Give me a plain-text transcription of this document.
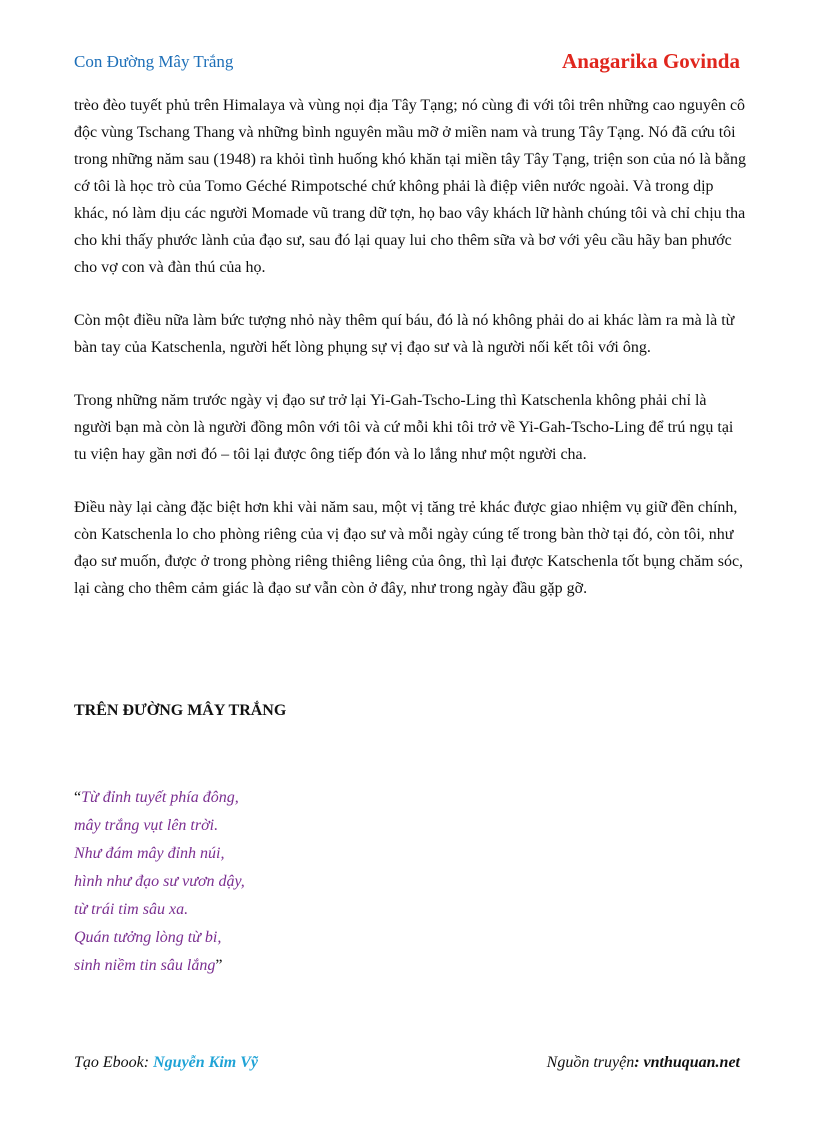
Con Đường Mây Trắng	Anagarika Govinda

trèo đèo tuyết phủ trên Himalaya và vùng nọi địa Tây Tạng; nó cùng đi với tôi trên những cao nguyên cô độc vùng Tschang Thang và những bình nguyên mầu mỡ ở miền nam và trung Tây Tạng. Nó đã cứu tôi trong những năm sau (1948) ra khỏi tình huống khó khăn tại miền tây Tây Tạng, triện son của nó là bằng cớ tôi là học trò của Tomo Géché Rimpotsché chứ không phải là điệp viên nước ngoài. Và trong dịp khác, nó làm dịu các người Momade vũ trang dữ tợn, họ bao vây khách lữ hành chúng tôi và chỉ chịu tha cho khi thấy phước lành của đạo sư, sau đó lại quay lui cho thêm sữa và bơ với yêu cầu hãy ban phước cho vợ con và đàn thú của họ.

Còn một điều nữa làm bức tượng nhỏ này thêm quí báu, đó là nó không phải do ai khác làm ra mà là từ bàn tay của Katschenla, người hết lòng phụng sự vị đạo sư và là người nối kết tôi với ông.

Trong những năm trước ngày vị đạo sư trở lại Yi-Gah-Tscho-Ling thì Katschenla không phải chỉ là người bạn mà còn là người đồng môn với tôi và cứ mỗi khi tôi trở về Yi-Gah-Tscho-Ling để trú ngụ tại tu viện hay gần nơi đó – tôi lại được ông tiếp đón và lo lắng như một người cha.

Điều này lại càng đặc biệt hơn khi vài năm sau, một vị tăng trẻ khác được giao nhiệm vụ giữ đền chính, còn Katschenla lo cho phòng riêng của vị đạo sư và mỗi ngày cúng tế trong bàn thờ tại đó, còn tôi, như đạo sư muốn, được ở trong phòng riêng thiêng liêng của ông, thì lại được Katschenla tốt bụng chăm sóc, lại càng cho thêm cảm giác là đạo sư vẫn còn ở đây, như trong ngày đầu gặp gỡ.

TRÊN ĐƯỜNG MÂY TRẮNG
“Từ đỉnh tuyết phía đông,
mây trắng vụt lên trời.
Như đám mây đỉnh núi,
hình như đạo sư vươn dậy,
từ trái tim sâu xa.
Quán tưởng lòng từ bi,
sinh niềm tin sâu lắng”
Tạo Ebook: Nguyễn Kim Vỹ	Nguồn truyện: vnthuquan.net
